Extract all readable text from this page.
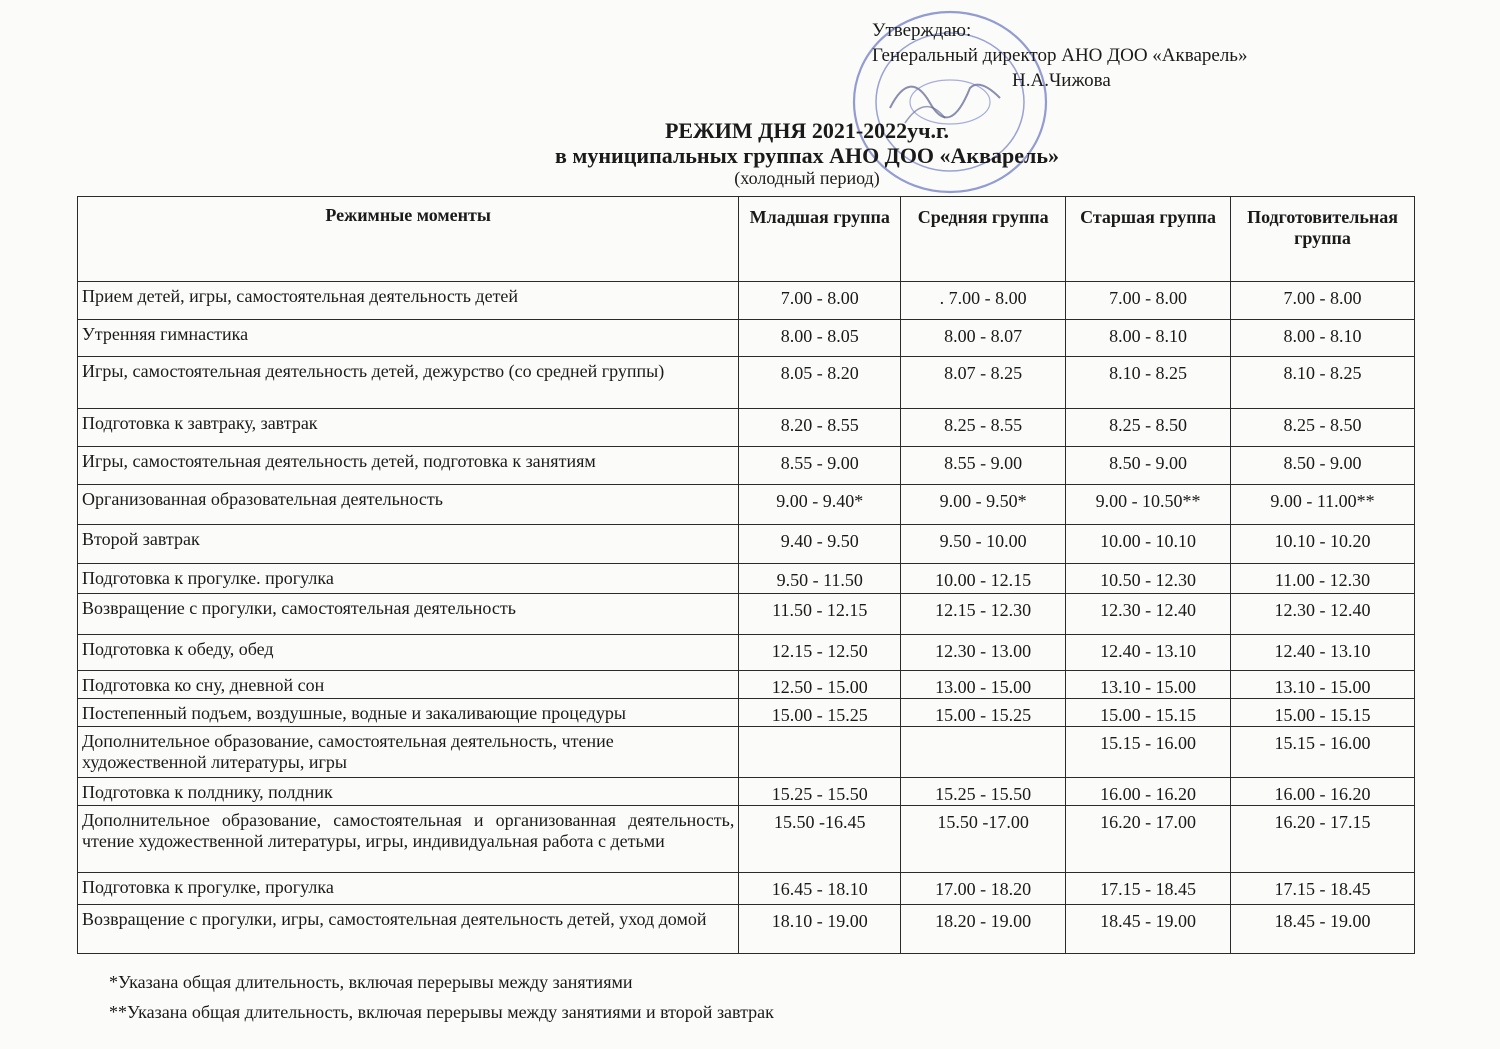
Утверждаю:
Генеральный директор АНО ДОО «Акварель»
Н.А.Чижова
РЕЖИМ ДНЯ 2021-2022уч.г.
в муниципальных группах АНО ДОО «Акварель»
(холодный период)
Режимные моменты	Младшая группа	Средняя группа	Старшая группа	Подготовительная группа
Прием детей, игры, самостоятельная деятельность детей	7.00 - 8.00	. 7.00 - 8.00	7.00 - 8.00	7.00 - 8.00
Утренняя гимнастика	8.00 - 8.05	8.00 - 8.07	8.00 - 8.10	8.00 - 8.10
Игры, самостоятельная деятельность детей, дежурство (со средней группы)	8.05 - 8.20	8.07 - 8.25	8.10 - 8.25	8.10 - 8.25
Подготовка к завтраку, завтрак	8.20 - 8.55	8.25 - 8.55	8.25 - 8.50	8.25 - 8.50
Игры, самостоятельная деятельность детей, подготовка к занятиям	8.55 - 9.00	8.55 - 9.00	8.50 - 9.00	8.50 - 9.00
Организованная образовательная деятельность	9.00 - 9.40*	9.00 - 9.50*	9.00 - 10.50**	9.00 - 11.00**
Второй завтрак	9.40 - 9.50	9.50 - 10.00	10.00 - 10.10	10.10 - 10.20
Подготовка к прогулке. прогулка	9.50 - 11.50	10.00 - 12.15	10.50 - 12.30	11.00 - 12.30
Возвращение с прогулки, самостоятельная деятельность	11.50 - 12.15	12.15 - 12.30	12.30 - 12.40	12.30 - 12.40
Подготовка к обеду, обед	12.15 - 12.50	12.30 - 13.00	12.40 - 13.10	12.40 - 13.10
Подготовка ко сну, дневной сон	12.50 - 15.00	13.00 - 15.00	13.10 - 15.00	13.10 - 15.00
Постепенный подъем, воздушные, водные и закаливающие процедуры	15.00 - 15.25	15.00 - 15.25	15.00 - 15.15	15.00 - 15.15
Дополнительное образование, самостоятельная деятельность, чтение художественной литературы, игры			15.15 - 16.00	15.15 - 16.00
Подготовка к полднику, полдник	15.25 - 15.50	15.25 - 15.50	16.00 - 16.20	16.00 - 16.20
Дополнительное образование, самостоятельная и организованная деятельность, чтение художественной литературы, игры, индивидуальная работа с детьми	15.50 -16.45	15.50 -17.00	16.20 - 17.00	16.20 - 17.15
Подготовка к прогулке, прогулка	16.45 - 18.10	17.00 - 18.20	17.15 - 18.45	17.15 - 18.45
Возвращение с прогулки, игры, самостоятельная деятельность детей, уход домой	18.10 - 19.00	18.20 - 19.00	18.45 - 19.00	18.45 - 19.00
*Указана общая длительность, включая перерывы между занятиями
**Указана общая длительность, включая перерывы между занятиями и второй завтрак
